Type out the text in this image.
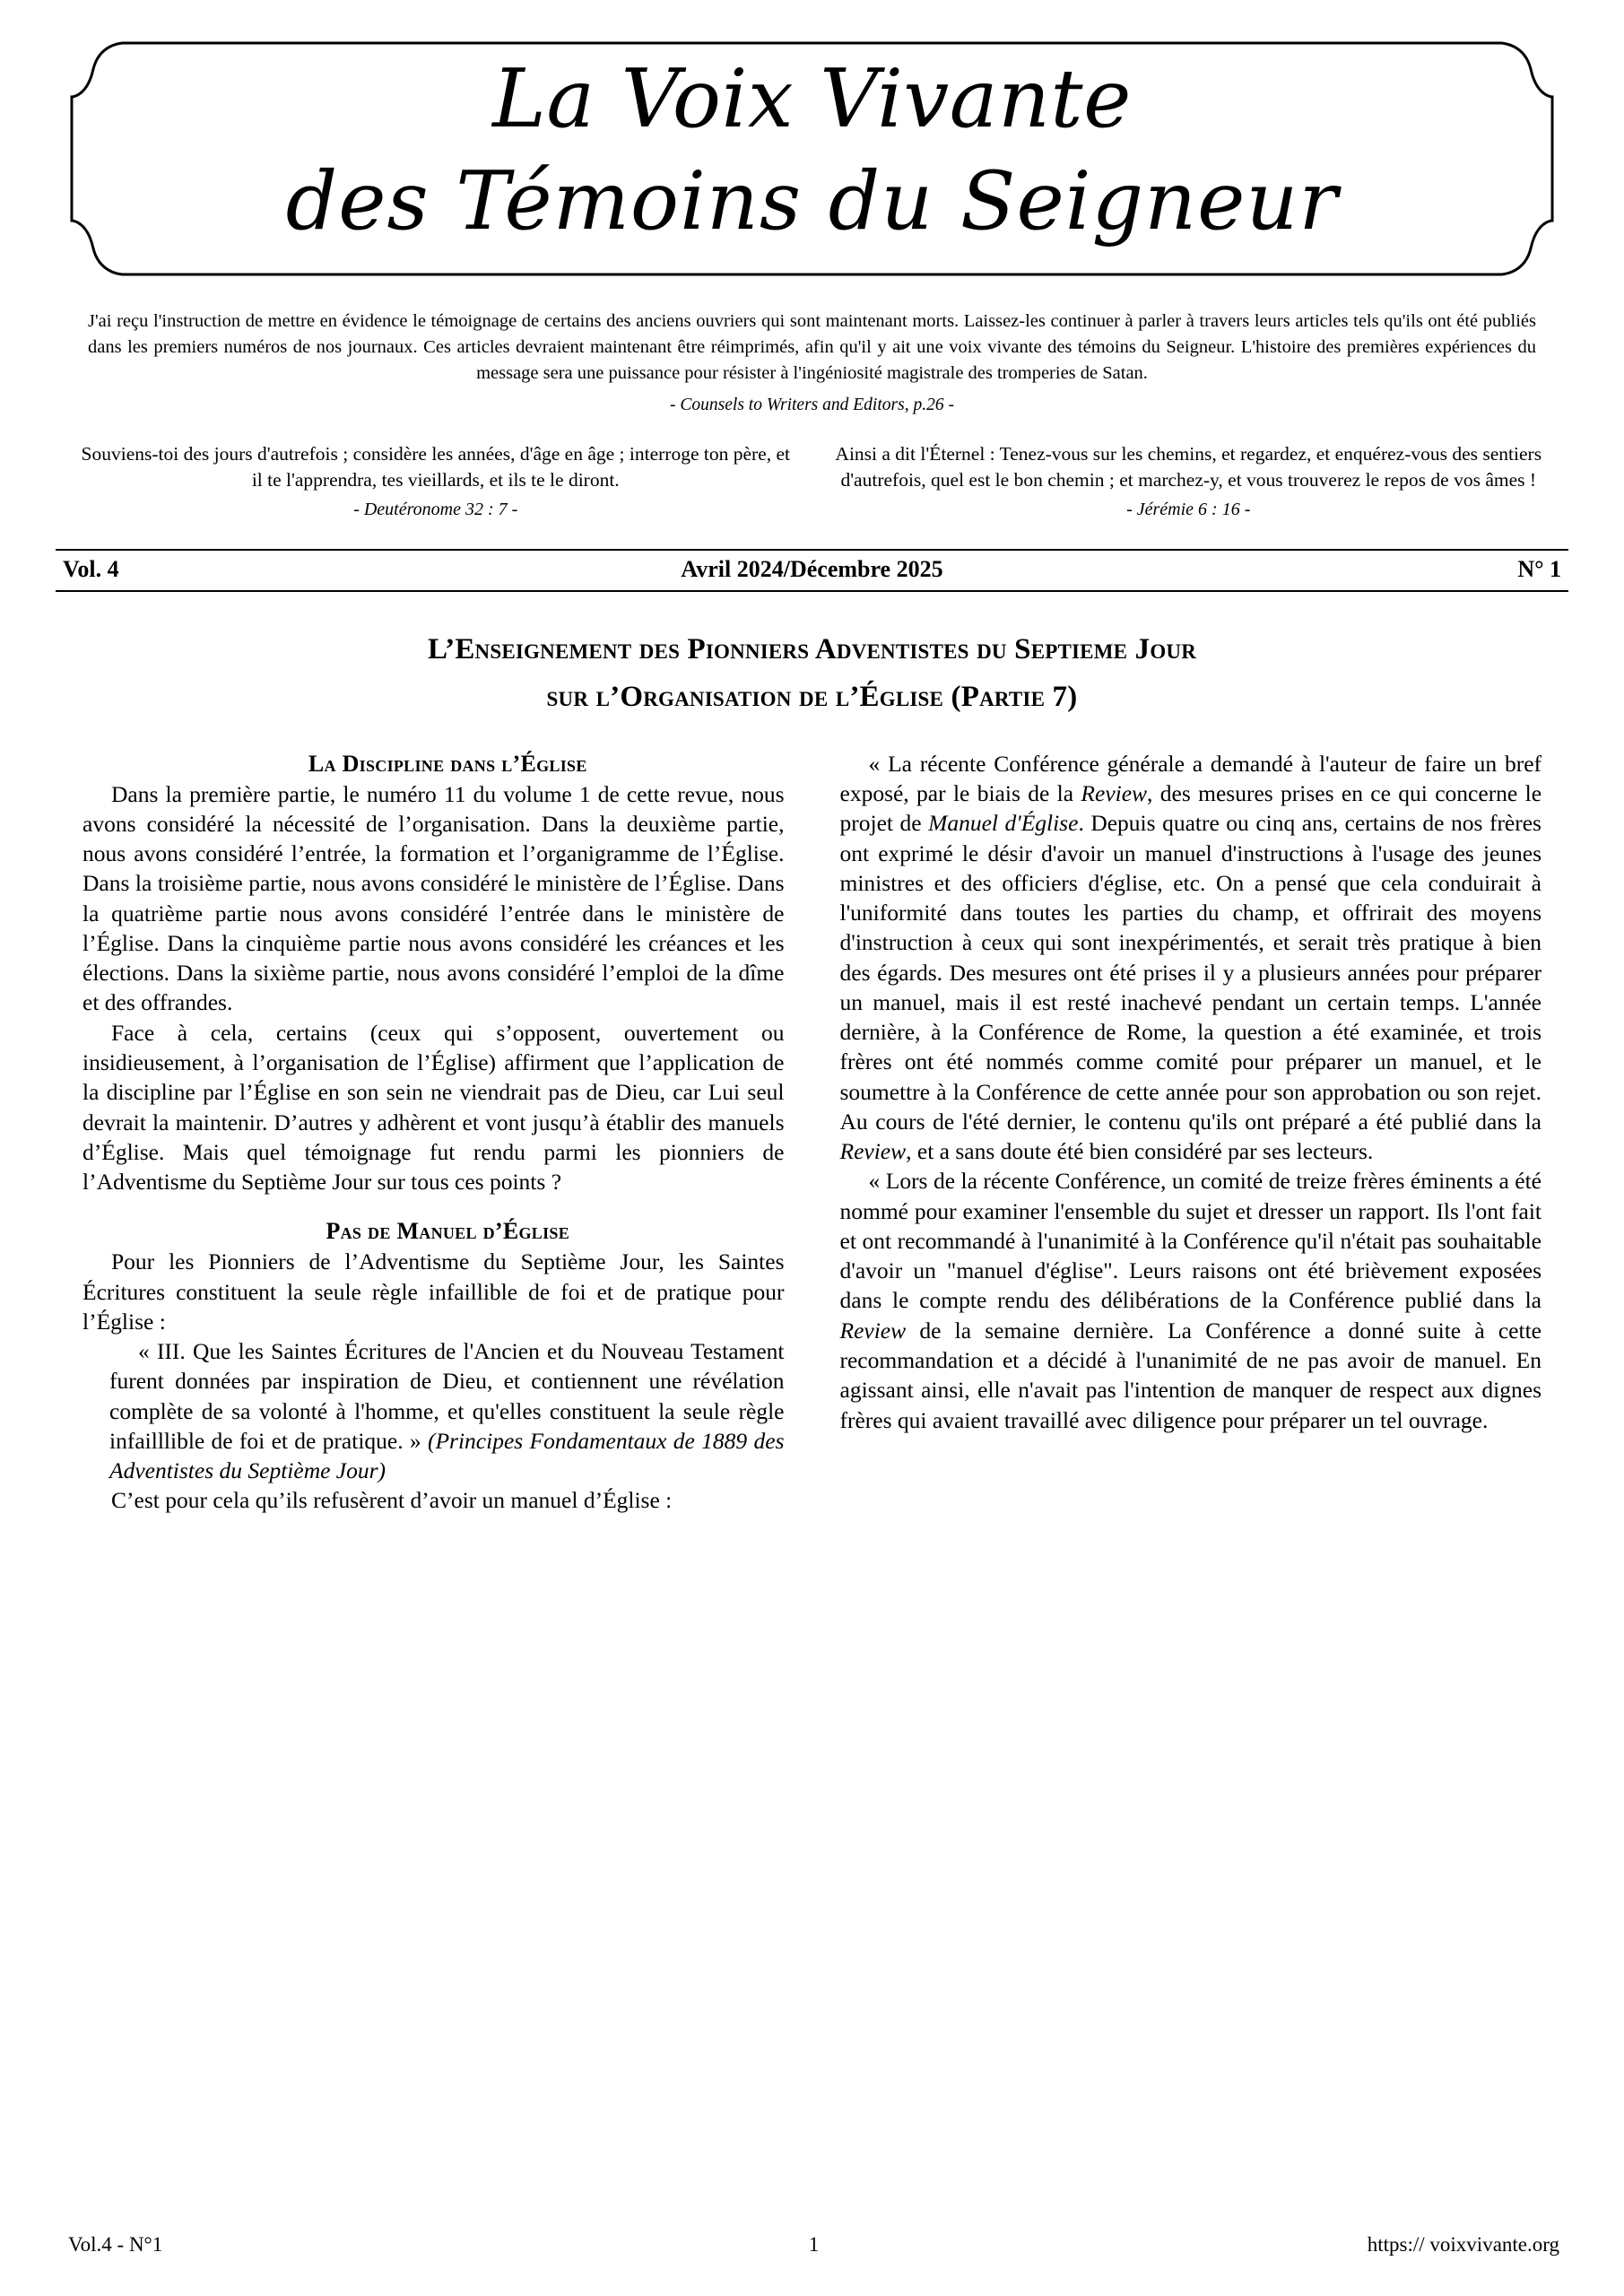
La Voix Vivante
des Témoins du Seigneur

J'ai reçu l'instruction de mettre en évidence le témoignage de certains des anciens ouvriers qui sont maintenant morts. Laissez-les continuer à parler à travers leurs articles tels qu'ils ont été publiés dans les premiers numéros de nos journaux. Ces articles devraient maintenant être réimprimés, afin qu'il y ait une voix vivante des témoins du Seigneur. L'histoire des premières expériences du message sera une puissance pour résister à l'ingéniosité magistrale des tromperies de Satan.

- Counsels to Writers and Editors, p.26 -

Souviens-toi des jours d'autrefois ; considère les années, d'âge en âge ; interroge ton père, et il te l'apprendra, tes vieillards, et ils te le diront.

- Deutéronome 32 : 7 -

Ainsi a dit l'Éternel : Tenez-vous sur les chemins, et regardez, et enquérez-vous des sentiers d'autrefois, quel est le bon chemin ; et marchez-y, et vous trouverez le repos de vos âmes !

- Jérémie 6 : 16 -
Vol. 4	Avril 2024/Décembre 2025	N° 1
L’Enseignement des Pionniers Adventistes du Septieme Jour
sur l’Organisation de l’Église (Partie 7)

La Discipline dans l’Église

Dans la première partie, le numéro 11 du volume 1 de cette revue, nous avons considéré la nécessité de l’organisation. Dans la deuxième partie, nous avons considéré l’entrée, la formation et l’organigramme de l’Église. Dans la troisième partie, nous avons considéré le ministère de l’Église. Dans la quatrième partie nous avons considéré l’entrée dans le ministère de l’Église. Dans la cinquième partie nous avons considéré les créances et les élections. Dans la sixième partie, nous avons considéré l’emploi de la dîme et des offrandes.

Face à cela, certains (ceux qui s’opposent, ouvertement ou insidieusement, à l’organisation de l’Église) affirment que l’application de la discipline par l’Église en son sein ne viendrait pas de Dieu, car Lui seul devrait la maintenir. D’autres y adhèrent et vont jusqu’à établir des manuels d’Église. Mais quel témoignage fut rendu parmi les pionniers de l’Adventisme du Septième Jour sur tous ces points ?

Pas de Manuel d’Église

Pour les Pionniers de l’Adventisme du Septième Jour, les Saintes Écritures constituent la seule règle infaillible de foi et de pratique pour l’Église :

« III. Que les Saintes Écritures de l'Ancien et du Nouveau Testament furent données par inspiration de Dieu, et contiennent une révélation complète de sa volonté à l'homme, et qu'elles constituent la seule règle infailllible de foi et de pratique. » (Principes Fondamentaux de 1889 des Adventistes du Septième Jour)

C’est pour cela qu’ils refusèrent d’avoir un manuel d’Église :

« La récente Conférence générale a demandé à l'auteur de faire un bref exposé, par le biais de la Review, des mesures prises en ce qui concerne le projet de Manuel d'Église. Depuis quatre ou cinq ans, certains de nos frères ont exprimé le désir d'avoir un manuel d'instructions à l'usage des jeunes ministres et des officiers d'église, etc. On a pensé que cela conduirait à l'uniformité dans toutes les parties du champ, et offrirait des moyens d'instruction à ceux qui sont inexpérimentés, et serait très pratique à bien des égards. Des mesures ont été prises il y a plusieurs années pour préparer un manuel, mais il est resté inachevé pendant un certain temps. L'année dernière, à la Conférence de Rome, la question a été examinée, et trois frères ont été nommés comme comité pour préparer un manuel, et le soumettre à la Conférence de cette année pour son approbation ou son rejet. Au cours de l'été dernier, le contenu qu'ils ont préparé a été publié dans la Review, et a sans doute été bien considéré par ses lecteurs.

« Lors de la récente Conférence, un comité de treize frères éminents a été nommé pour examiner l'ensemble du sujet et dresser un rapport. Ils l'ont fait et ont recommandé à l'unanimité à la Conférence qu'il n'était pas souhaitable d'avoir un "manuel d'église". Leurs raisons ont été brièvement exposées dans le compte rendu des délibérations de la Conférence publié dans la Review de la semaine dernière. La Conférence a donné suite à cette recommandation et a décidé à l'unanimité de ne pas avoir de manuel. En agissant ainsi, elle n'avait pas l'intention de manquer de respect aux dignes frères qui avaient travaillé avec diligence pour préparer un tel ouvrage.

Vol.4 - N°1	1	https:// voixvivante.org
